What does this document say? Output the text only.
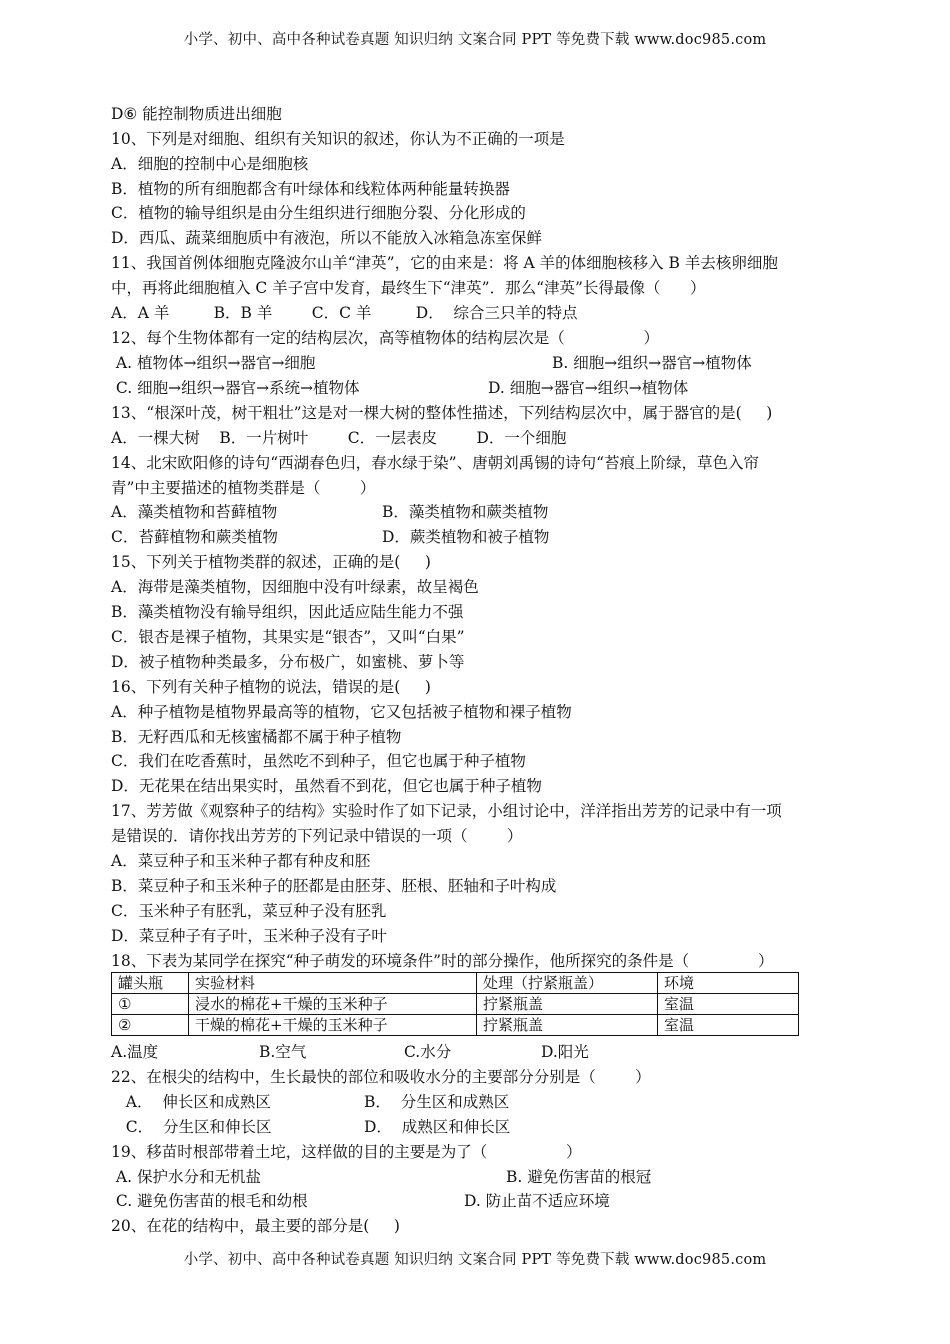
小学、初中、高中各种试卷真题 知识归纳 文案合同 PPT 等免费下载 www.doc985.com
D⑥ 能控制物质进出细胞
10、下列是对细胞、组织有关知识的叙述，你认为不正确的一项是
A．细胞的控制中心是细胞核
B．植物的所有细胞都含有叶绿体和线粒体两种能量转换器
C．植物的输导组织是由分生组织进行细胞分裂、分化形成的
D．西瓜、蔬菜细胞质中有液泡，所以不能放入冰箱急冻室保鲜
11、我国首例体细胞克隆波尔山羊“津英”，它的由来是：将 A 羊的体细胞核移入 B 羊去核卵细胞
中，再将此细胞植入 C 羊子宫中发育，最终生下“津英”．那么“津英”长得最像（      ）
A．A 羊         B．B 羊        C．C 羊         D．  综合三只羊的特点
12、每个生物体都有一定的结构层次，高等植物体的结构层次是（                ）
A. 植物体→组织→器官→细胞	B. 细胞→组织→器官→植物体
C. 细胞→组织→器官→系统→植物体	D. 细胞→器官→组织→植物体
13、“根深叶茂，树干粗壮”这是对一棵大树的整体性描述，下列结构层次中，属于器官的是(     )
A．一棵大树    B．一片树叶        C．一层表皮        D．一个细胞
14、北宋欧阳修的诗句“西湖春色归，春水绿于染”、唐朝刘禹锡的诗句“苔痕上阶绿，草色入帘
青”中主要描述的植物类群是（        ）
A．藻类植物和苔藓植物	B．藻类植物和蕨类植物
C．苔藓植物和蕨类植物	D．蕨类植物和被子植物
15、下列关于植物类群的叙述，正确的是(     )
A．海带是藻类植物，因细胞中没有叶绿素，故呈褐色
B．藻类植物没有输导组织，因此适应陆生能力不强
C．银杏是裸子植物，其果实是“银杏”，又叫“白果”
D．被子植物种类最多，分布极广，如蜜桃、萝卜等
16、下列有关种子植物的说法，错误的是(     )
A．种子植物是植物界最高等的植物，它又包括被子植物和裸子植物
B．无籽西瓜和无核蜜橘都不属于种子植物
C．我们在吃香蕉时，虽然吃不到种子，但它也属于种子植物
D．无花果在结出果实时，虽然看不到花，但它也属于种子植物
17、芳芳做《观察种子的结构》实验时作了如下记录，小组讨论中，洋洋指出芳芳的记录中有一项
是错误的．请你找出芳芳的下列记录中错误的一项（        ）
A．菜豆种子和玉米种子都有种皮和胚
B．菜豆种子和玉米种子的胚都是由胚芽、胚根、胚轴和子叶构成
C．玉米种子有胚乳，菜豆种子没有胚乳
D．菜豆种子有子叶，玉米种子没有子叶
18、下表为某同学在探究“种子萌发的环境条件”时的部分操作，他所探究的条件是（              ）
罐头瓶	实验材料	处理（拧紧瓶盖）	环境
①	浸水的棉花+干燥的玉米种子	拧紧瓶盖	室温
②	干燥的棉花+干燥的玉米种子	拧紧瓶盖	室温
A.温度	B.空气	C.水分	D.阳光
22、在根尖的结构中，生长最快的部位和吸收水分的主要部分分别是（        ）
A．  伸长区和成熟区	B．  分生区和成熟区
C．  分生区和伸长区	D．  成熟区和伸长区
19、移苗时根部带着土坨，这样做的目的主要是为了（                ）
A. 保护水分和无机盐	B. 避免伤害苗的根冠
C. 避免伤害苗的根毛和幼根	D. 防止苗不适应环境
20、在花的结构中，最主要的部分是(     )
小学、初中、高中各种试卷真题 知识归纳 文案合同 PPT 等免费下载 www.doc985.com
